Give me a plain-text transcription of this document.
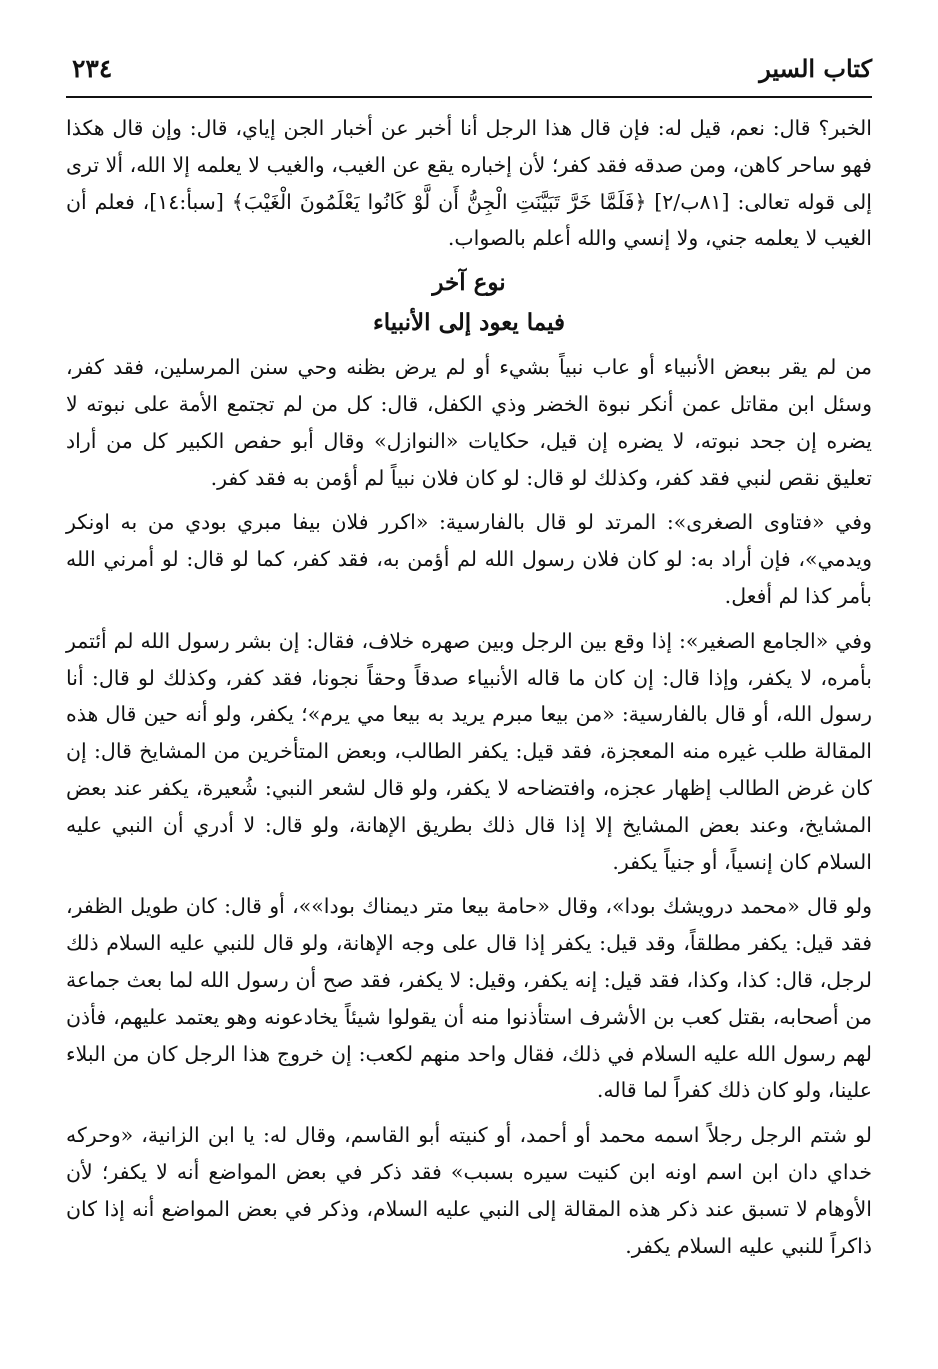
كتاب السير
٢٣٤

الخبر؟ قال: نعم، قيل له: فإن قال هذا الرجل أنا أخبر عن أخبار الجن إياي، قال: وإن قال هكذا فهو ساحر كاهن، ومن صدقه فقد كفر؛ لأن إخباره يقع عن الغيب، والغيب لا يعلمه إلا الله، ألا ترى إلى قوله تعالى: [٨١ب/٢] ﴿فَلَمَّا خَرَّ تَبَيَّنَتِ الْجِنُّ أَن لَّوْ كَانُوا يَعْلَمُونَ الْغَيْبَ﴾ [سبأ:١٤]، فعلم أن الغيب لا يعلمه جني، ولا إنسي والله أعلم بالصواب.

نوع آخر
فيما يعود إلى الأنبياء

من لم يقر ببعض الأنبياء أو عاب نبياً بشيء أو لم يرض بظنه وحي سنن المرسلين، فقد كفر، وسئل ابن مقاتل عمن أنكر نبوة الخضر وذي الكفل، قال: كل من لم تجتمع الأمة على نبوته لا يضره إن جحد نبوته، لا يضره إن قيل، حكايات «النوازل» وقال أبو حفص الكبير كل من أراد تعليق نقص لنبي فقد كفر، وكذلك لو قال: لو كان فلان نبياً لم أؤمن به فقد كفر.

وفي «فتاوى الصغرى»: المرتد لو قال بالفارسية: «اكرر فلان بيفا مبري بودي من به اونكر ويدمي»، فإن أراد به: لو كان فلان رسول الله لم أؤمن به، فقد كفر، كما لو قال: لو أمرني الله بأمر كذا لم أفعل.

وفي «الجامع الصغير»: إذا وقع بين الرجل وبين صهره خلاف، فقال: إن بشر رسول الله لم أئتمر بأمره، لا يكفر، وإذا قال: إن كان ما قاله الأنبياء صدقاً وحقاً نجونا، فقد كفر، وكذلك لو قال: أنا رسول الله، أو قال بالفارسية: «من بيعا مبرم يريد به بيعا مي يرم»؛ يكفر، ولو أنه حين قال هذه المقالة طلب غيره منه المعجزة، فقد قيل: يكفر الطالب، وبعض المتأخرين من المشايخ قال: إن كان غرض الطالب إظهار عجزه، وافتضاحه لا يكفر، ولو قال لشعر النبي: شُعيرة، يكفر عند بعض المشايخ، وعند بعض المشايخ إلا إذا قال ذلك بطريق الإهانة، ولو قال: لا أدري أن النبي عليه السلام كان إنسياً، أو جنياً يكفر.

ولو قال «محمد درويشك بودا»، وقال «حامة بيعا متر ديمناك بودا»»، أو قال: كان طويل الظفر، فقد قيل: يكفر مطلقاً، وقد قيل: يكفر إذا قال على وجه الإهانة، ولو قال للنبي عليه السلام ذلك لرجل، قال: كذا، وكذا، فقد قيل: إنه يكفر، وقيل: لا يكفر، فقد صح أن رسول الله لما بعث جماعة من أصحابه، بقتل كعب بن الأشرف استأذنوا منه أن يقولوا شيئاً يخادعونه وهو يعتمد عليهم، فأذن لهم رسول الله عليه السلام في ذلك، فقال واحد منهم لكعب: إن خروج هذا الرجل كان من البلاء علينا، ولو كان ذلك كفراً لما قاله.

لو شتم الرجل رجلاً اسمه محمد أو أحمد، أو كنيته أبو القاسم، وقال له: يا ابن الزانية، «وحركه خداي دان ابن اسم اونه ابن كنيت سيره بسبب» فقد ذكر في بعض المواضع أنه لا يكفر؛ لأن الأوهام لا تسبق عند ذكر هذه المقالة إلى النبي عليه السلام، وذكر في بعض المواضع أنه إذا كان ذاكراً للنبي عليه السلام يكفر.
